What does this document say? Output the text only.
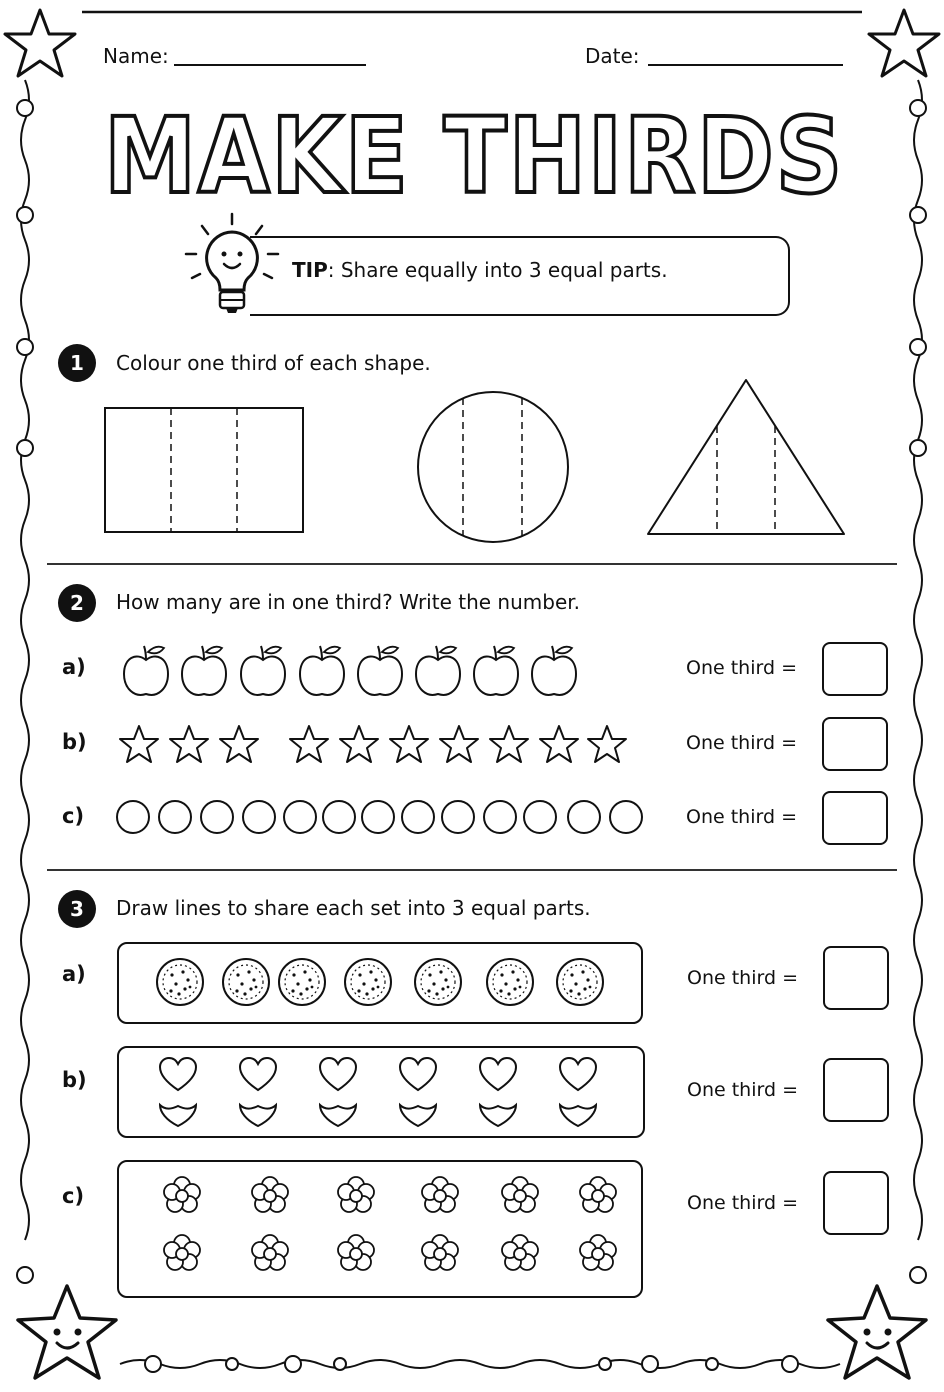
Name:	Date:
MAKE THIRDS
TIP: Share equally into 3 equal parts.
1	Colour one third of each shape.
2	How many are in one third? Write the number.
a)	One third =
b)	One third =
c)	One third =
3	Draw lines to share each set into 3 equal parts.
a)	One third =
b)	One third =
c)	One third =
